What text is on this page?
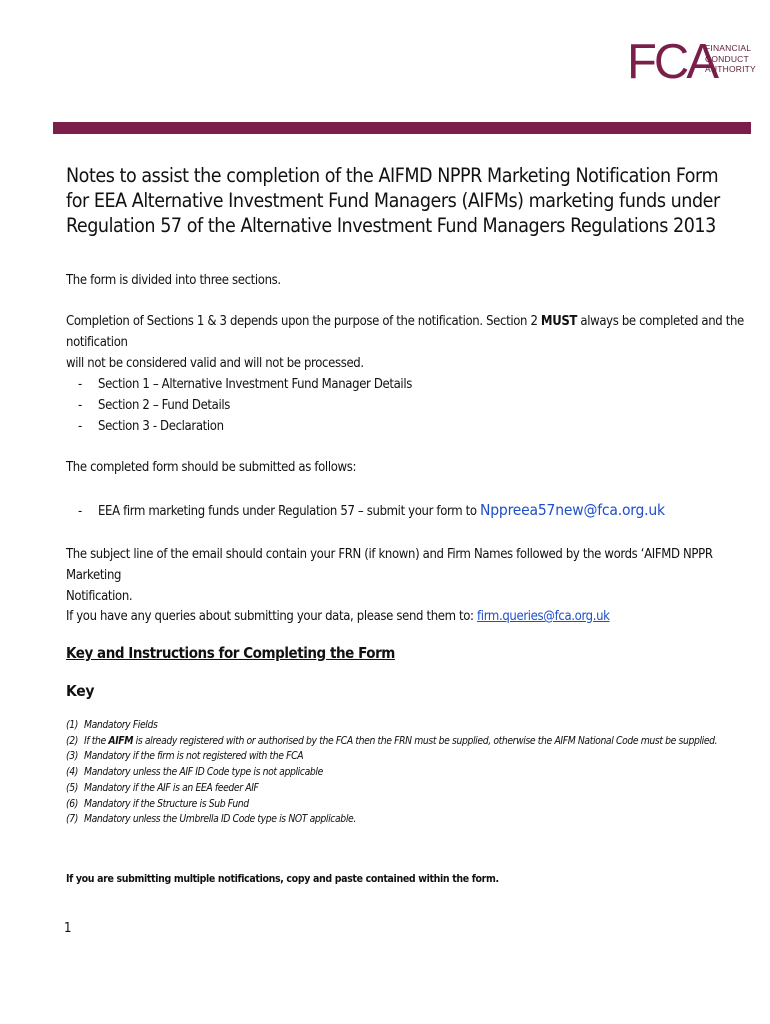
FCA
FINANCIAL
CONDUCT
AUTHORITY
Notes to assist the completion of the AIFMD NPPR Marketing Notification Form for EEA Alternative Investment Fund Managers (AIFMs) marketing funds under Regulation 57 of the Alternative Investment Fund Managers Regulations 2013
The form is divided into three sections.
Completion of Sections 1 & 3 depends upon the purpose of the notification. Section 2 MUST always be completed and the notification
will not be considered valid and will not be processed.
- Section 1 – Alternative Investment Fund Manager Details
- Section 2 – Fund Details
- Section 3 - Declaration
The completed form should be submitted as follows:
- EEA firm marketing funds under Regulation 57 – submit your form to Nppreea57new@fca.org.uk
The subject line of the email should contain your FRN (if known) and Firm Names followed by the words ‘AIFMD NPPR Marketing
Notification.
If you have any queries about submitting your data, please send them to: firm.queries@fca.org.uk
Key and Instructions for Completing the Form
Key
(1) Mandatory Fields
(2) If the AIFM is already registered with or authorised by the FCA then the FRN must be supplied, otherwise the AIFM National Code must be supplied.
(3) Mandatory if the firm is not registered with the FCA
(4) Mandatory unless the AIF ID Code type is not applicable
(5) Mandatory if the AIF is an EEA feeder AIF
(6) Mandatory if the Structure is Sub Fund
(7) Mandatory unless the Umbrella ID Code type is NOT applicable.
If you are submitting multiple notifications, copy and paste contained within the form.
1
